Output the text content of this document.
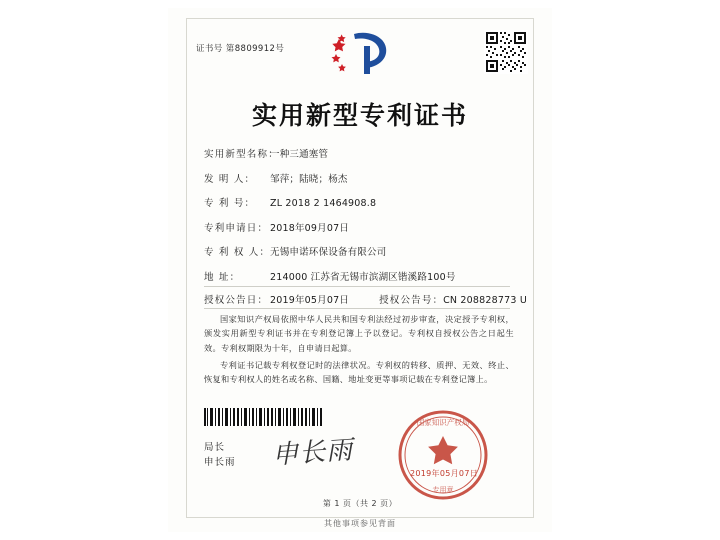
证书号 第8809912号
实用新型专利证书
实用新型名称：
一种三通塞管
发 明 人：	邹萍；陆晓；杨杰
专 利 号：	ZL 2018 2 1464908.8
专利申请日： 2018年09月07日
专 利 权 人： 无锡申诺环保设备有限公司
地 址：	214000 江苏省无锡市滨湖区锴溪路100号
授权公告日： 2019年05月07日	授权公告号： CN 208828773 U

国家知识产权局依照中华人民共和国专利法经过初步审查，决定授予专利权，颁发实用新型专利证书并在专利登记簿上予以登记。专利权自授权公告之日起生效。专利权期限为十年，自申请日起算。

专利证书记载专利权登记时的法律状况。专利权的转移、质押、无效、终止、恢复和专利权人的姓名或名称、国籍、地址变更等事项记载在专利登记簿上。

局长
申长雨 申长雨
国家知识产权局
专用章
2019年05月07日
第 1 页（共 2 页）
其他事项参见背面
